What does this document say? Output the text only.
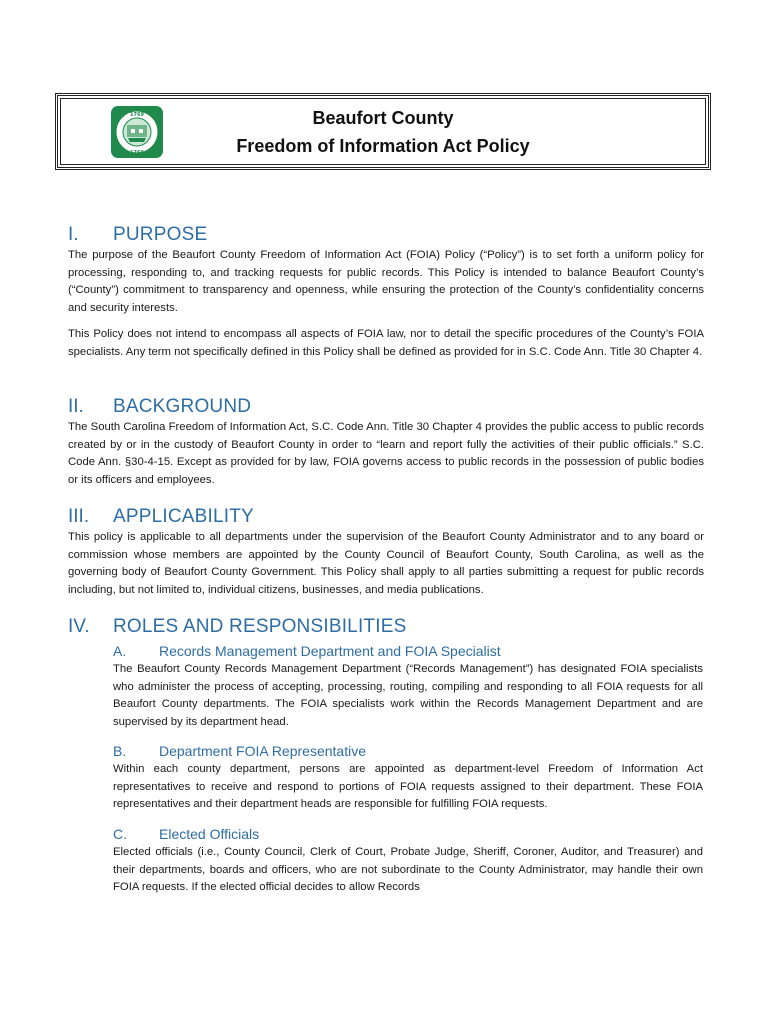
1769
1769
Beaufort County
Freedom of Information Act Policy
I. PURPOSE

The purpose of the Beaufort County Freedom of Information Act (FOIA) Policy (“Policy”) is to set forth a uniform policy for processing, responding to, and tracking requests for public records. This Policy is intended to balance Beaufort County’s (“County”) commitment to transparency and openness, while ensuring the protection of the County’s confidentiality concerns and security interests.

This Policy does not intend to encompass all aspects of FOIA law, nor to detail the specific procedures of the County’s FOIA specialists. Any term not specifically defined in this Policy shall be defined as provided for in S.C. Code Ann. Title 30 Chapter 4.

II. BACKGROUND

The South Carolina Freedom of Information Act, S.C. Code Ann. Title 30 Chapter 4 provides the public access to public records created by or in the custody of Beaufort County in order to “learn and report fully the activities of their public officials.” S.C. Code Ann. §30-4-15. Except as provided for by law, FOIA governs access to public records in the possession of public bodies or its officers and employees.

III. APPLICABILITY

This policy is applicable to all departments under the supervision of the Beaufort County Administrator and to any board or commission whose members are appointed by the County Council of Beaufort County, South Carolina, as well as the governing body of Beaufort County Government. This Policy shall apply to all parties submitting a request for public records including, but not limited to, individual citizens, businesses, and media publications.

IV. ROLES AND RESPONSIBILITIES
A. Records Management Department and FOIA Specialist

The Beaufort County Records Management Department (“Records Management”) has designated FOIA specialists who administer the process of accepting, processing, routing, compiling and responding to all FOIA requests for all Beaufort County departments. The FOIA specialists work within the Records Management Department and are supervised by its department head.

B. Department FOIA Representative

Within each county department, persons are appointed as department-level Freedom of Information Act representatives to receive and respond to portions of FOIA requests assigned to their department. These FOIA representatives and their department heads are responsible for fulfilling FOIA requests.

C. Elected Officials

Elected officials (i.e., County Council, Clerk of Court, Probate Judge, Sheriff, Coroner, Auditor, and Treasurer) and their departments, boards and officers, who are not subordinate to the County Administrator, may handle their own FOIA requests. If the elected official decides to allow Records
